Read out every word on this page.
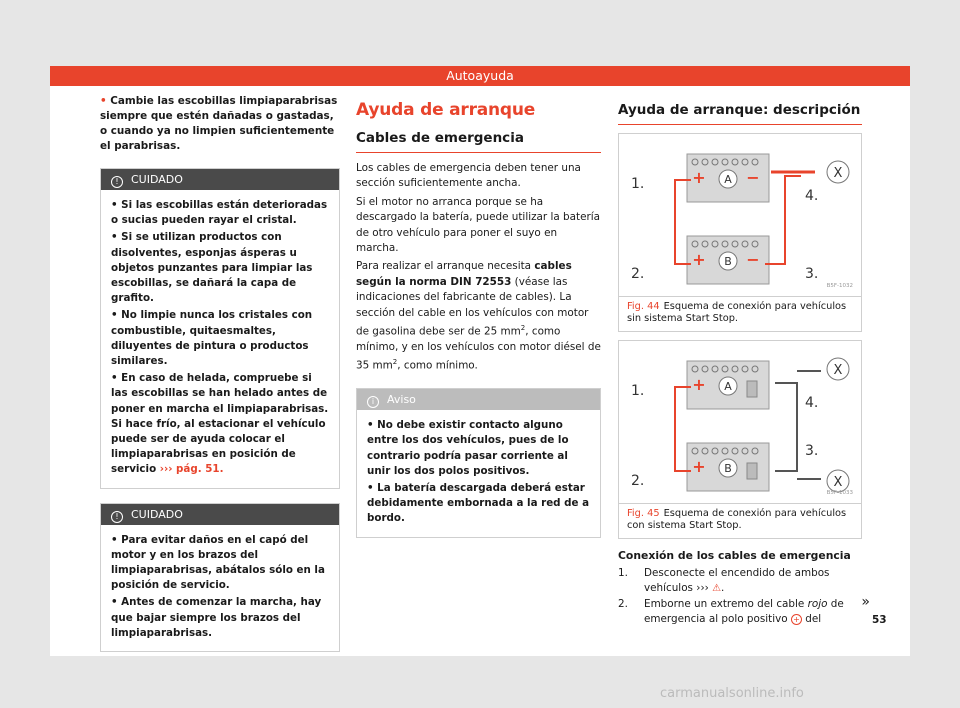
Autoayuda

• Cambie las escobillas limpiaparabrisas siempre que estén dañadas o gastadas, o cuando ya no limpien suficientemente el parabrisas.

! CUIDADO

• Si las escobillas están deterioradas o sucias pueden rayar el cristal.

• Si se utilizan productos con disolventes, esponjas ásperas u objetos punzantes para limpiar las escobillas, se dañará la capa de grafito.

• No limpie nunca los cristales con combustible, quitaesmaltes, diluyentes de pintura o productos similares.

• En caso de helada, compruebe si las escobillas se han helado antes de poner en marcha el limpiaparabrisas. Si hace frío, al estacionar el vehículo puede ser de ayuda colocar el limpiaparabrisas en posición de servicio ››› pág. 51.

! CUIDADO

• Para evitar daños en el capó del motor y en los brazos del limpiaparabrisas, abátalos sólo en la posición de servicio.

• Antes de comenzar la marcha, hay que bajar siempre los brazos del limpiaparabrisas.

Ayuda de arranque
Cables de emergencia

Los cables de emergencia deben tener una sección suficientemente ancha.

Si el motor no arranca porque se ha descargado la batería, puede utilizar la batería de otro vehículo para poner el suyo en marcha.

Para realizar el arranque necesita cables según la norma DIN 72553 (véase las indicaciones del fabricante de cables). La sección del cable en los vehículos con motor de gasolina debe ser de 25 $mm^2$, como mínimo, y en los vehículos con motor diésel de 35 $mm^2$, como mínimo.

i Aviso

• No debe existir contacto alguno entre los dos vehículos, pues de lo contrario podría pasar corriente al unir los dos polos positivos.

• La batería descargada deberá estar debidamente embornada a la red de a bordo.

Ayuda de arranque: descripción
A
+	−
B
+	−
X
1.
2.	3.
4.
B5F-1032
Fig. 44 Esquema de conexión para vehículos sin sistema Start Stop.
A
+
B
+
X
X
1.
2.
3.
4.
B5F-1033
Fig. 45 Esquema de conexión para vehículos con sistema Start Stop.
Conexión de los cables de emergencia
1.	Desconecte el encendido de ambos vehículos ››› ⚠.
2.	Emborne un extremo del cable rojo de emergencia al polo positivo + del
»
53
carmanualsonline.info
